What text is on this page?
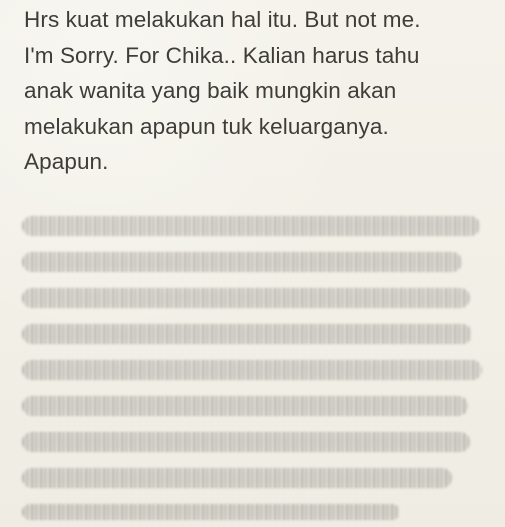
Hrs kuat melakukan hal itu. But not me.
I'm Sorry. For Chika.. Kalian harus tahu
anak wanita yang baik mungkin akan
melakukan apapun tuk keluarganya.
Apapun.
